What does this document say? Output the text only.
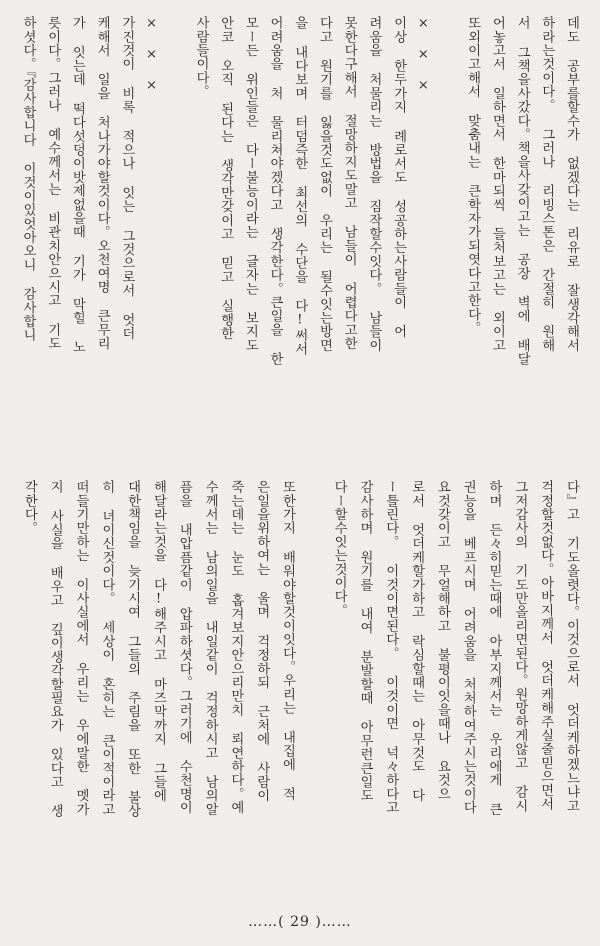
데도 공부를할수가 없겠다는 리유로 잘생각해서
하라는것이다。 그러나 리빙스톤은 간절히 원해
서 그책을사갔다。책을사갖이고는 공장 벽에 배달
어놓고서 일하면서 한마되씩 들처보고는 외이고
또외이고해서 맞춤내는 큰학자가되엿다고한다。
× × ×
이상 한두가지 례로서도 성공하는사람들이 어
려움을 처물리는 방법을 짐작할수잇다。 남들이
못한다구해서 절망하지도말고 남들이 어렵다고한
다고 원기를 잃을것도없이 우리는 될수잇는방면
을 내다보며 터덤즉한 최선의 수단을 다!써서
어려움을 처 물리쳐야겠다고 생각한다。큰일을 한
모ー든 위인들은 다ー불능이라는 글자는 보지도
안코 오직 된다는 생각만갖이고 믿고 실행한
사람들이다。
× × ×
가진것이 비록 적으나 잇는 그것으로서 엇더
케해서 일을 처나가야할것이다。오천여명 큰무리
가 잇는데 떡다섯덩이밧제없을때 기가 막힐 노
릇이다。그러나 예수께서는 비관치안으시고 기도
하셧다。『감사합니다 이것이있엇아오니 감사합니
다』고 기도올렷다。이것으로서 엇더케하겠느냐고
걱정할것없다。아바지께서 엇더케해주실줄믿으면서
그저감사의 기도만올리면된다。원망하게않고 감시
하며 든々히믿는때에 아부지께서는 우리에게 큰
권능을 베프시며 어려움을 처처하여주시는것이다
요것갖이고 무얼해하고 불평이잇을때나 요것으
로서 엇더케할가하고 락심할때는 아무것도 다
ー틀린다。 이것이면된다。 이것이면 넉々하다고
감사하며 원기를 내여 분발할때 아무런큰일도
다ー할수잇는것이다。
또한가지 배워야할것이잇다。우리는 내집에 적
은일을위하여는 울며 걱정하되 근처에 사람이
죽는데는 눈도 홉겨보지안으리만치 뢰연하다。예
수께서는 남의일을 내일같이 걱정하시고 남의알
픔을 내압픔같이 압파하셧다。그러기에 수천명이
해달라는것을 다!해주시고 마즈막까지 그들에
대한책임을 늦기시여 그들의 주림을 또한 불상
히 녀이신것이다。 세상이 혼히는 큰이적이라고
떠들기만하는 이사실에서 우리는 우에말한 멧가
지 사실을 배우고 깊이생각할필요가 있다고 생
각한다。
……( 29 )……
